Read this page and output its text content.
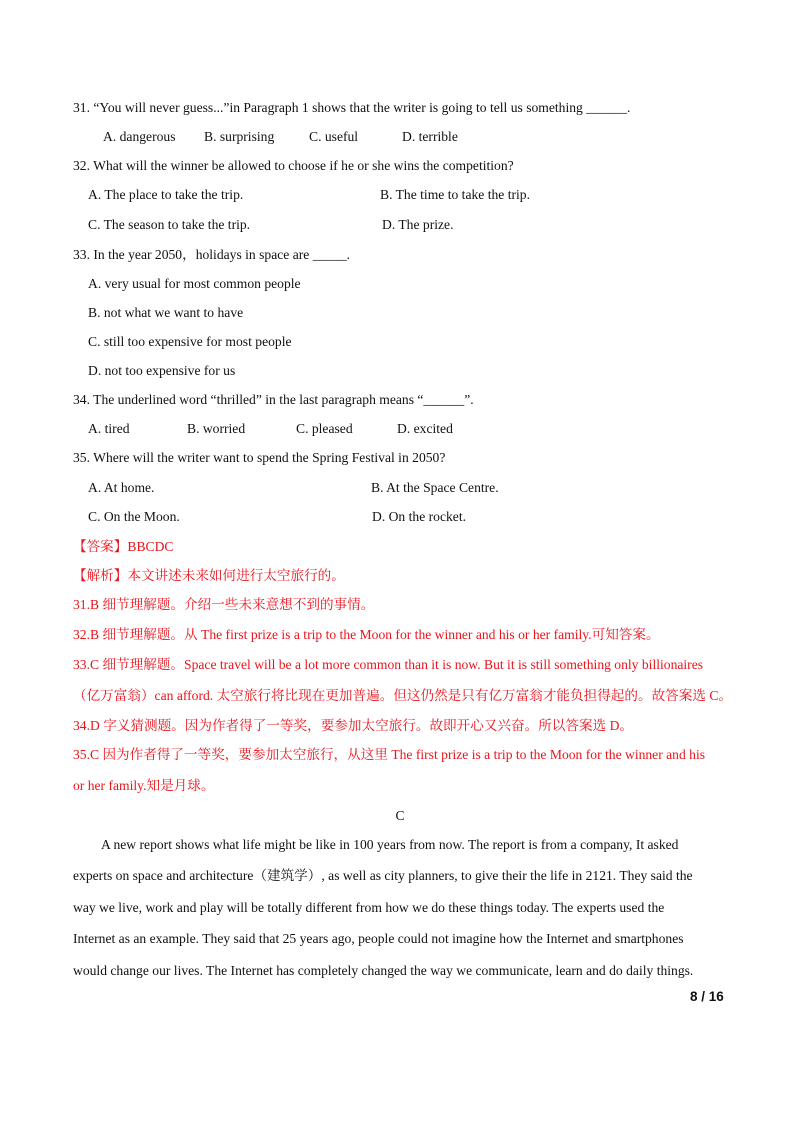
31. “You will never guess...”in Paragraph 1 shows that the writer is going to tell us something ______.
A. dangerous B. surprising	C. useful	D. terrible
32. What will the winner be allowed to choose if he or she wins the competition?
A. The place to take the trip.	B. The time to take the trip.
C. The season to take the trip.	D. The prize.
33. In the year 2050，holidays in space are _____.
A. very usual for most common people
B. not what we want to have
C. still too expensive for most people
D. not too expensive for us
34. The underlined word “thrilled” in the last paragraph means “______”.
A. tired	B. worried	C. pleased	D. excited
35. Where will the writer want to spend the Spring Festival in 2050?
A. At home.	B. At the Space Centre.
C. On the Moon.	D. On the rocket.
【答案】BBCDC
【解析】本文讲述未来如何进行太空旅行的。
31.B 细节理解题。介绍一些未来意想不到的事情。
32.B 细节理解题。从 The first prize is a trip to the Moon for the winner and his or her family.可知答案。
33.C 细节理解题。Space travel will be a lot more common than it is now. But it is still something only billionaires
（亿万富翁）can afford. 太空旅行将比现在更加普遍。但这仍然是只有亿万富翁才能负担得起的。故答案选 C。
34.D 字义猜测题。因为作者得了一等奖，要参加太空旅行。故即开心又兴奋。所以答案选 D。
35.C 因为作者得了一等奖，要参加太空旅行，从这里 The first prize is a trip to the Moon for the winner and his
or her family.知是月球。
C
A new report shows what life might be like in 100 years from now. The report is from a company, It asked
experts on space and architecture（建筑学）, as well as city planners, to give their the life in 2121. They said the
way we live, work and play will be totally different from how we do these things today. The experts used the
Internet as an example. They said that 25 years ago, people could not imagine how the Internet and smartphones
would change our lives. The Internet has completely changed the way we communicate, learn and do daily things.
8 / 16
